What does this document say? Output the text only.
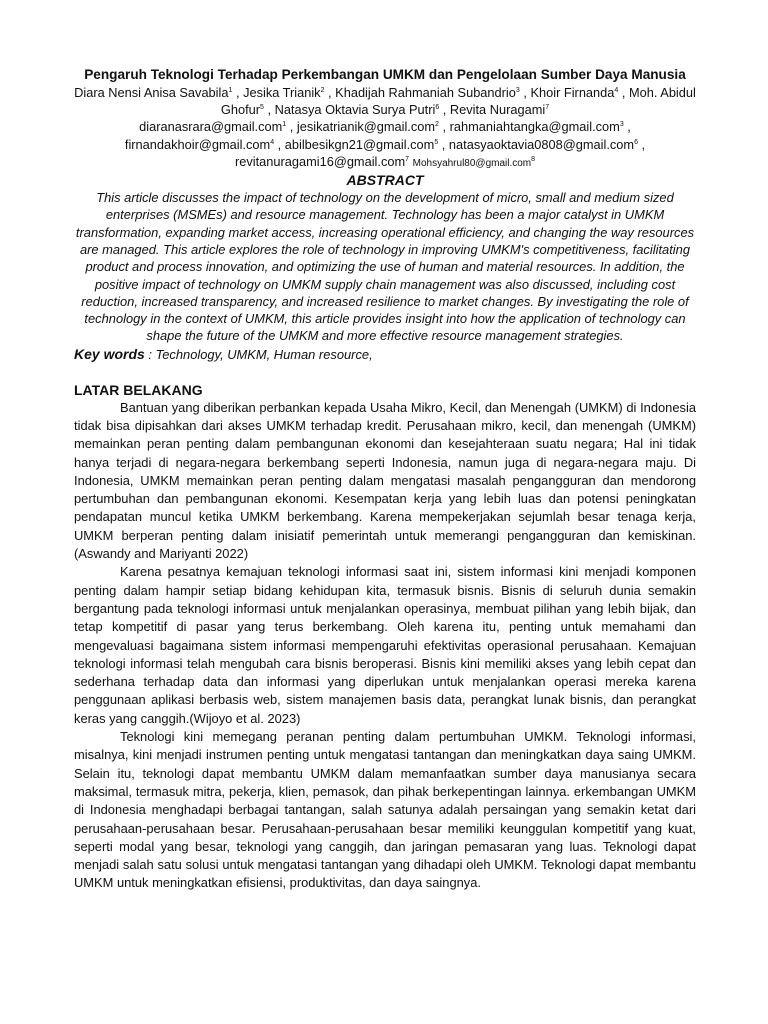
Pengaruh Teknologi Terhadap Perkembangan UMKM dan Pengelolaan Sumber Daya Manusia

Diara Nensi Anisa Savabila$^1$ , Jesika Trianik$^2$ , Khadijah Rahmaniah Subandrio$^3$ , Khoir Firnanda$^4$ , Moh. Abidul Ghofur$^5$ , Natasya Oktavia Surya Putri$^6$ , Revita Nuragami$^7$

diaranasrara@gmail.com$^1$ , jesikatrianik@gmail.com$^2$ , rahmaniahtangka@gmail.com$^3$ ,
firnandakhoir@gmail.com$^4$ , abilbesikgn21@gmail.com$^5$ , natasyaoktavia0808@gmail.com$^6$ ,
revitanuragami16@gmail.com$^7$ Mohsyahrul80@gmail.com$^8$

ABSTRACT

This article discusses the impact of technology on the development of micro, small and medium sized enterprises (MSMEs) and resource management. Technology has been a major catalyst in UMKM transformation, expanding market access, increasing operational efficiency, and changing the way resources are managed. This article explores the role of technology in improving UMKM's competitiveness, facilitating product and process innovation, and optimizing the use of human and material resources. In addition, the positive impact of technology on UMKM supply chain management was also discussed, including cost reduction, increased transparency, and increased resilience to market changes. By investigating the role of technology in the context of UMKM, this article provides insight into how the application of technology can shape the future of the UMKM and more effective resource management strategies.

Key words : Technology, UMKM, Human resource,

LATAR BELAKANG

Bantuan yang diberikan perbankan kepada Usaha Mikro, Kecil, dan Menengah (UMKM) di Indonesia tidak bisa dipisahkan dari akses UMKM terhadap kredit. Perusahaan mikro, kecil, dan menengah (UMKM) memainkan peran penting dalam pembangunan ekonomi dan kesejahteraan suatu negara; Hal ini tidak hanya terjadi di negara-negara berkembang seperti Indonesia, namun juga di negara-negara maju. Di Indonesia, UMKM memainkan peran penting dalam mengatasi masalah pengangguran dan mendorong pertumbuhan dan pembangunan ekonomi. Kesempatan kerja yang lebih luas dan potensi peningkatan pendapatan muncul ketika UMKM berkembang. Karena mempekerjakan sejumlah besar tenaga kerja, UMKM berperan penting dalam inisiatif pemerintah untuk memerangi pengangguran dan kemiskinan. (Aswandy and Mariyanti 2022)

Karena pesatnya kemajuan teknologi informasi saat ini, sistem informasi kini menjadi komponen penting dalam hampir setiap bidang kehidupan kita, termasuk bisnis. Bisnis di seluruh dunia semakin bergantung pada teknologi informasi untuk menjalankan operasinya, membuat pilihan yang lebih bijak, dan tetap kompetitif di pasar yang terus berkembang. Oleh karena itu, penting untuk memahami dan mengevaluasi bagaimana sistem informasi mempengaruhi efektivitas operasional perusahaan. Kemajuan teknologi informasi telah mengubah cara bisnis beroperasi. Bisnis kini memiliki akses yang lebih cepat dan sederhana terhadap data dan informasi yang diperlukan untuk menjalankan operasi mereka karena penggunaan aplikasi berbasis web, sistem manajemen basis data, perangkat lunak bisnis, dan perangkat keras yang canggih.(Wijoyo et al. 2023)

Teknologi kini memegang peranan penting dalam pertumbuhan UMKM. Teknologi informasi, misalnya, kini menjadi instrumen penting untuk mengatasi tantangan dan meningkatkan daya saing UMKM. Selain itu, teknologi dapat membantu UMKM dalam memanfaatkan sumber daya manusianya secara maksimal, termasuk mitra, pekerja, klien, pemasok, dan pihak berkepentingan lainnya. erkembangan UMKM di Indonesia menghadapi berbagai tantangan, salah satunya adalah persaingan yang semakin ketat dari perusahaan-perusahaan besar. Perusahaan-perusahaan besar memiliki keunggulan kompetitif yang kuat, seperti modal yang besar, teknologi yang canggih, dan jaringan pemasaran yang luas. Teknologi dapat menjadi salah satu solusi untuk mengatasi tantangan yang dihadapi oleh UMKM. Teknologi dapat membantu UMKM untuk meningkatkan efisiensi, produktivitas, dan daya saingnya.
